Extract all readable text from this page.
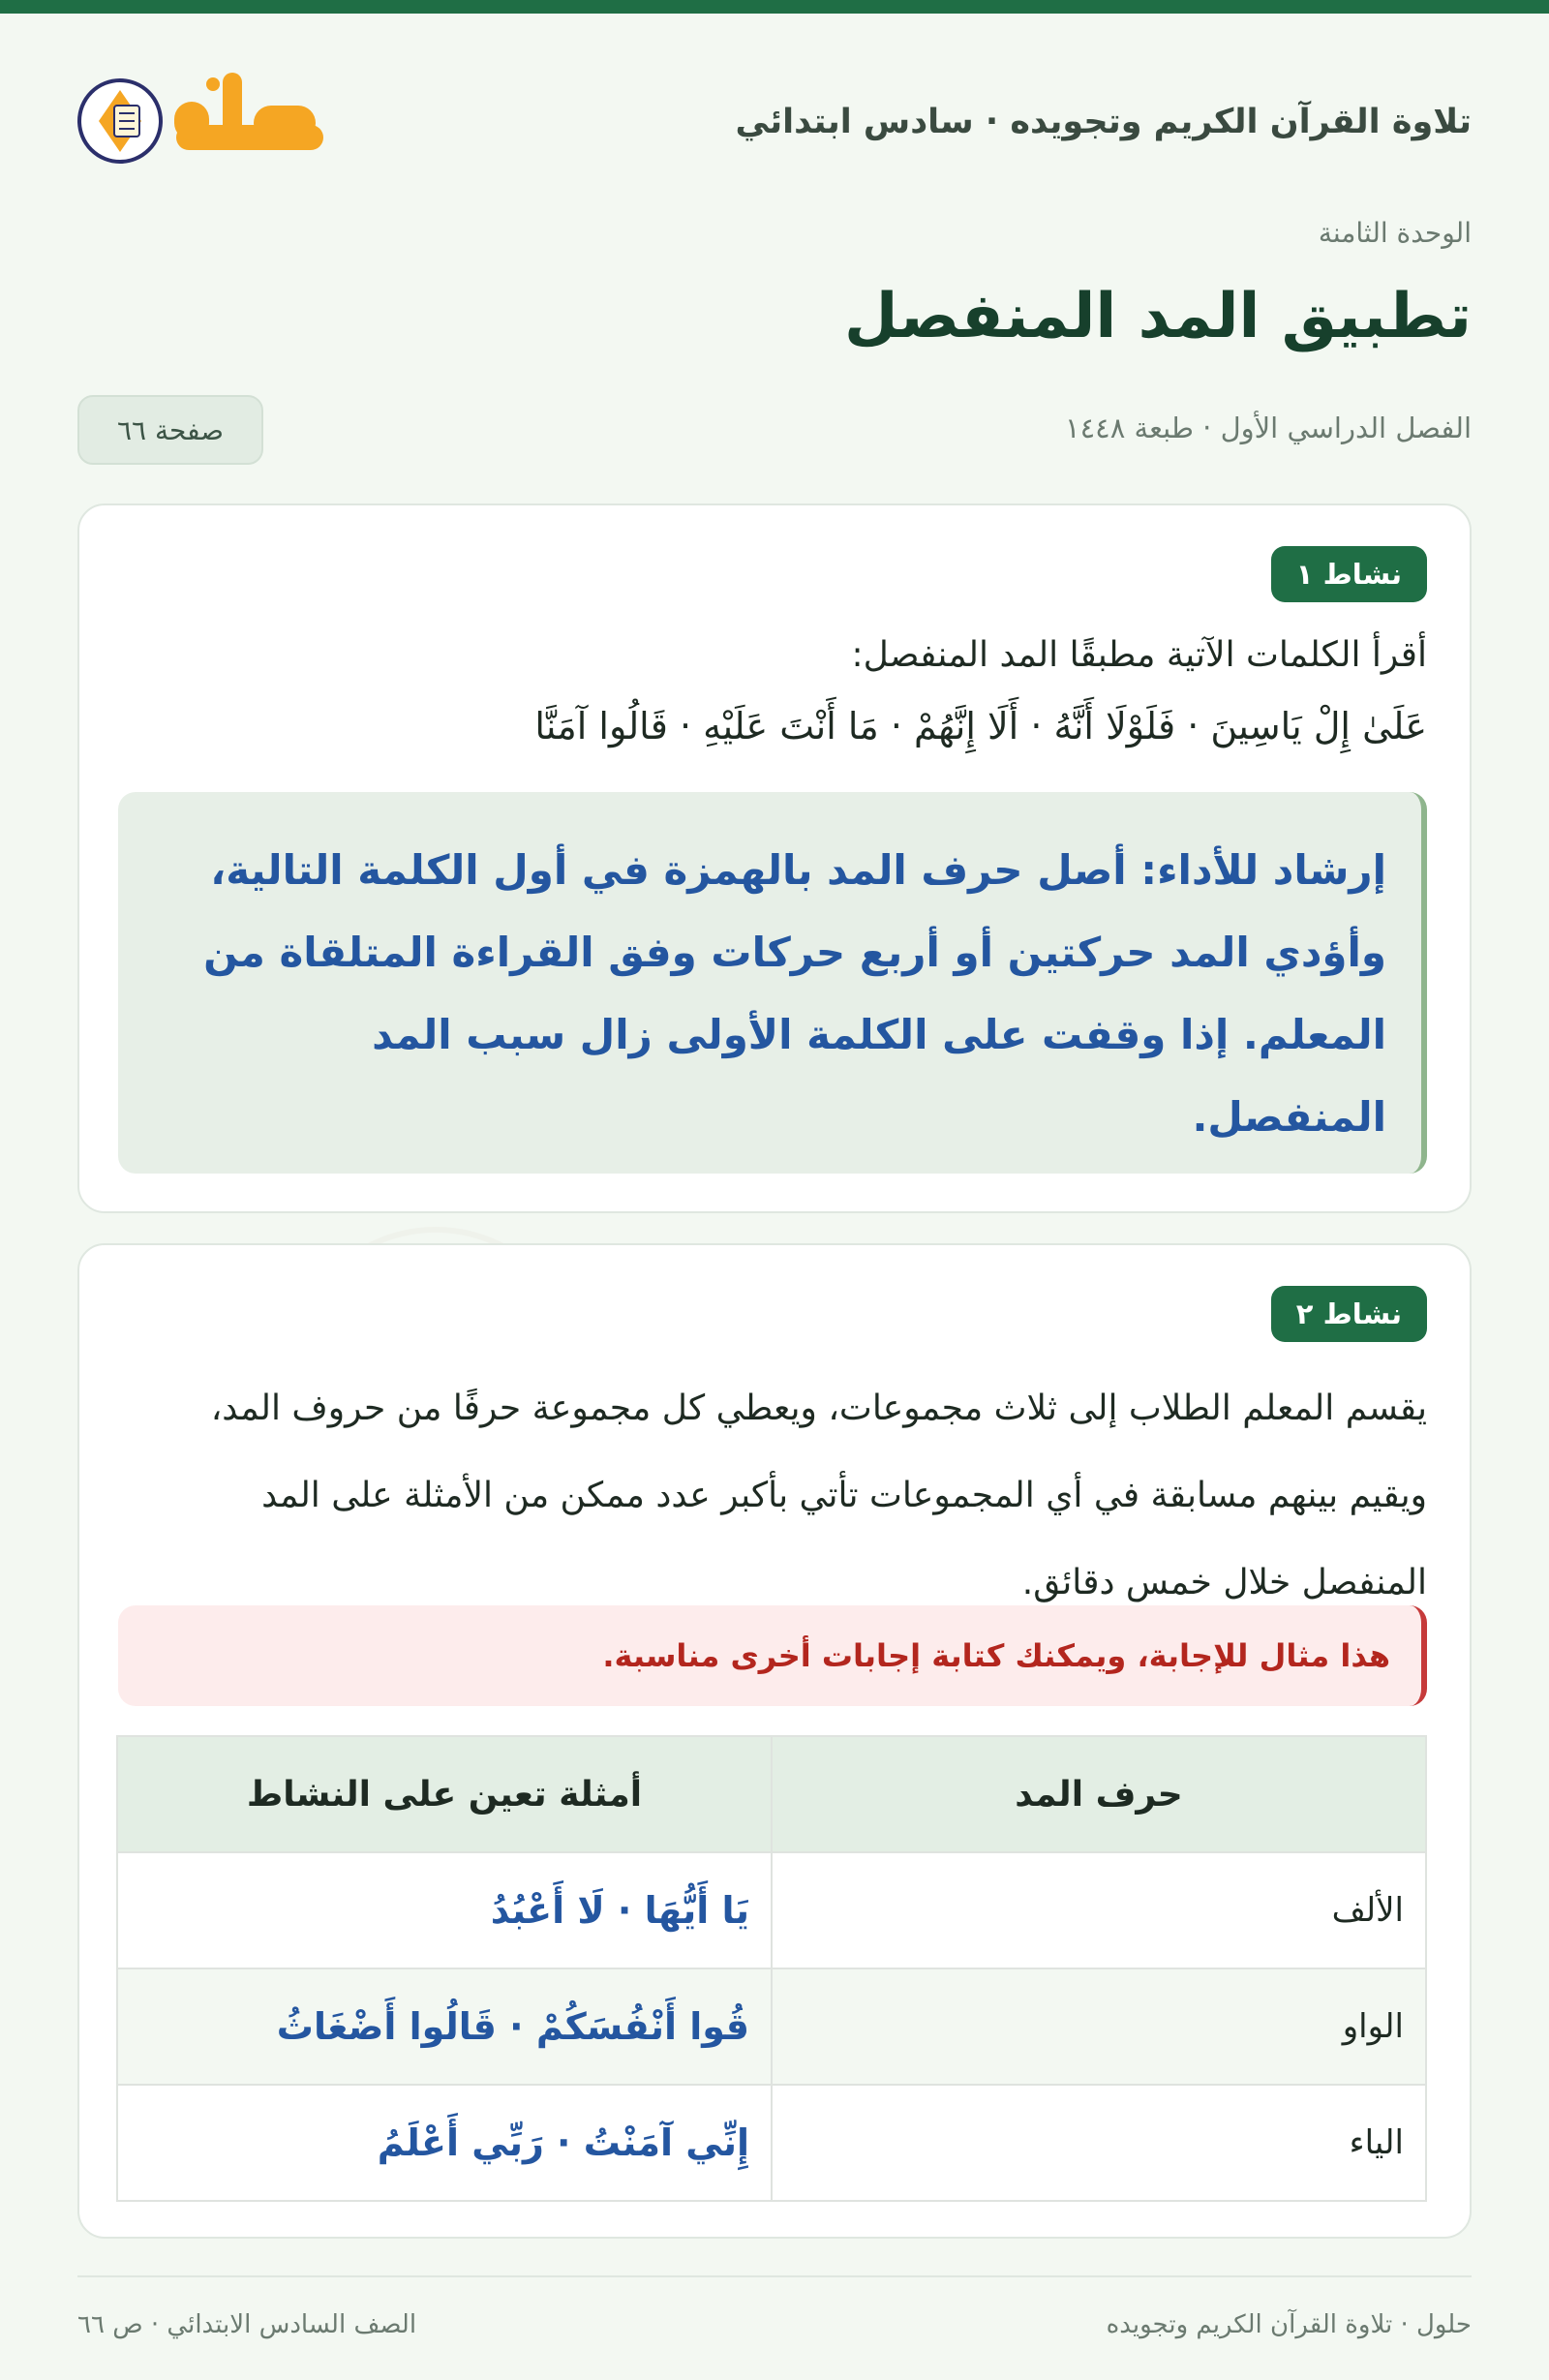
تلاوة القرآن الكريم وتجويده · سادس ابتدائي
الوحدة الثامنة
تطبيق المد المنفصل
الفصل الدراسي الأول · طبعة ١٤٤٨
صفحة ٦٦
نشاط ١
أقرأ الكلمات الآتية مطبقًا المد المنفصل:
عَلَىٰ إِلْ يَاسِينَ · فَلَوْلَا أَنَّهُ · أَلَا إِنَّهُمْ · مَا أَنْتَ عَلَيْهِ · قَالُوا آمَنَّا
إرشاد للأداء: أصل حرف المد بالهمزة في أول الكلمة التالية، وأؤدي المد حركتين أو أربع حركات وفق القراءة المتلقاة من المعلم. إذا وقفت على الكلمة الأولى زال سبب المد المنفصل.
نشاط ٢
يقسم المعلم الطلاب إلى ثلاث مجموعات، ويعطي كل مجموعة حرفًا من حروف المد، ويقيم بينهم مسابقة في أي المجموعات تأتي بأكبر عدد ممكن من الأمثلة على المد المنفصل خلال خمس دقائق.
هذا مثال للإجابة، ويمكنك كتابة إجابات أخرى مناسبة.
حرف المد	أمثلة تعين على النشاط
الألف	يَا أَيُّهَا · لَا أَعْبُدُ
الواو	قُوا أَنْفُسَكُمْ · قَالُوا أَضْغَاثُ
الياء	إِنِّي آمَنْتُ · رَبِّي أَعْلَمُ
حلول · تلاوة القرآن الكريم وتجويده
الصف السادس الابتدائي · ص ٦٦
